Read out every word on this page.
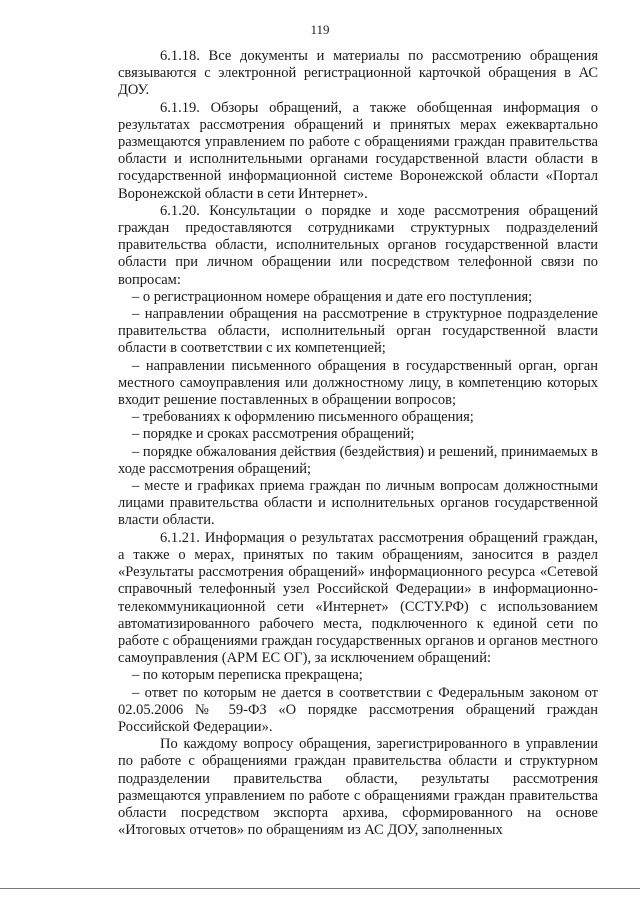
119

6.1.18. Все документы и материалы по рассмотрению обращения связываются с электронной регистрационной карточкой обращения в АС ДОУ.

6.1.19. Обзоры обращений, а также обобщенная информация о результатах рассмотрения обращений и принятых мерах ежеквартально размещаются управлением по работе с обращениями граждан правительства области и исполнительными органами государственной власти области в государственной информационной системе Воронежской области «Портал Воронежской области в сети Интернет».

6.1.20. Консультации о порядке и ходе рассмотрения обращений граждан предоставляются сотрудниками структурных подразделений правительства области, исполнительных органов государственной власти области при личном обращении или посредством телефонной связи по вопросам:

– о регистрационном номере обращения и дате его поступления;

– направлении обращения на рассмотрение в структурное подразделение правительства области, исполнительный орган государственной власти области в соответствии с их компетенцией;

– направлении письменного обращения в государственный орган, орган местного самоуправления или должностному лицу, в компетенцию которых входит решение поставленных в обращении вопросов;

– требованиях к оформлению письменного обращения;

– порядке и сроках рассмотрения обращений;

– порядке обжалования действия (бездействия) и решений, принимаемых в ходе рассмотрения обращений;

– месте и графиках приема граждан по личным вопросам должностными лицами правительства области и исполнительных органов государственной власти области.

6.1.21. Информация о результатах рассмотрения обращений граждан, а также о мерах, принятых по таким обращениям, заносится в раздел «Результаты рассмотрения обращений» информационного ресурса «Сетевой справочный телефонный узел Российской Федерации» в информационно-телекоммуникационной сети «Интернет» (ССТУ.РФ) с использованием автоматизированного рабочего места, подключенного к единой сети по работе с обращениями граждан государственных органов и органов местного самоуправления (АРМ ЕС ОГ), за исключением обращений:

– по которым переписка прекращена;

– ответ по которым не дается в соответствии с Федеральным законом от 02.05.2006 № 59-ФЗ «О порядке рассмотрения обращений граждан Российской Федерации».

По каждому вопросу обращения, зарегистрированного в управлении по работе с обращениями граждан правительства области и структурном подразделении правительства области, результаты рассмотрения размещаются управлением по работе с обращениями граждан правительства области посредством экспорта архива, сформированного на основе «Итоговых отчетов» по обращениям из АС ДОУ, заполненных
